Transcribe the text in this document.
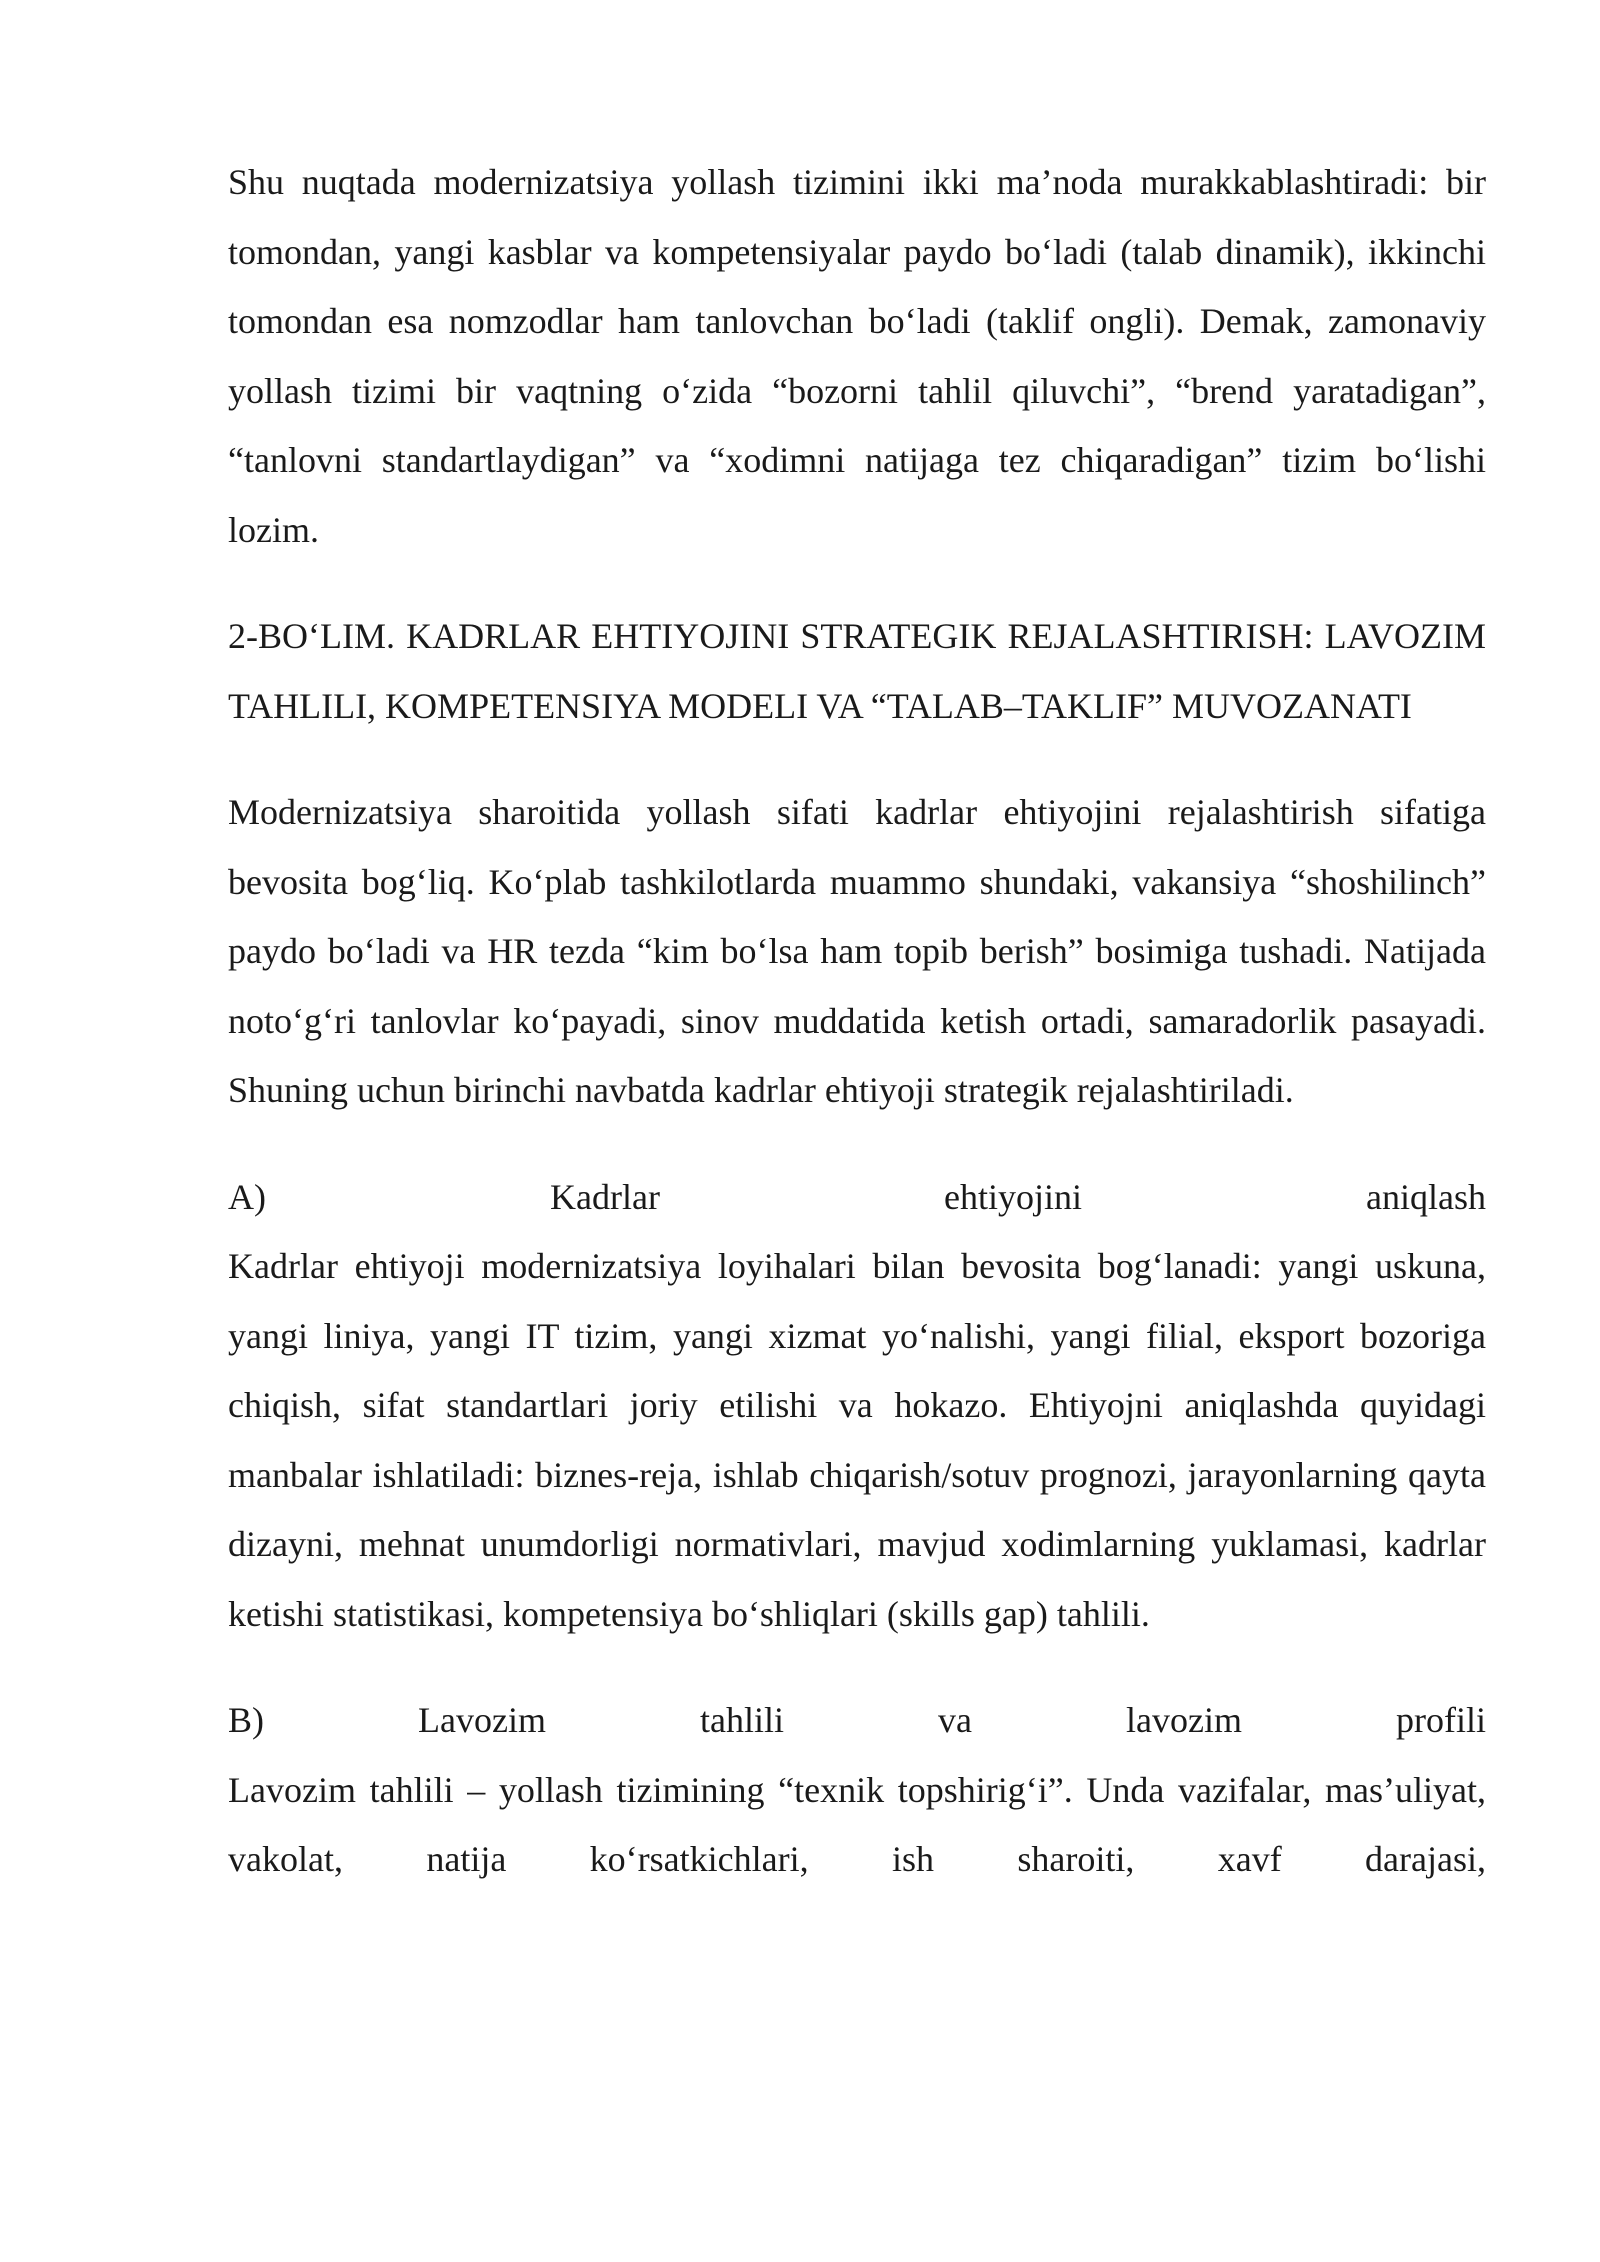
Shu nuqtada modernizatsiya yollash tizimini ikki ma’noda murakkablashtiradi: bir tomondan, yangi kasblar va kompetensiyalar paydo bo‘ladi (talab dinamik), ikkinchi tomondan esa nomzodlar ham tanlovchan bo‘ladi (taklif ongli). Demak, zamonaviy yollash tizimi bir vaqtning o‘zida “bozorni tahlil qiluvchi”, “brend yaratadigan”, “tanlovni standartlaydigan” va “xodimni natijaga tez chiqaradigan” tizim bo‘lishi lozim.

2-BO‘LIM. KADRLAR EHTIYOJINI STRATEGIK REJALASHTIRISH: LAVOZIM TAHLILI, KOMPETENSIYA MODELI VA “TALAB–TAKLIF” MUVOZANATI

Modernizatsiya sharoitida yollash sifati kadrlar ehtiyojini rejalashtirish sifatiga bevosita bog‘liq. Ko‘plab tashkilotlarda muammo shundaki, vakansiya “shoshilinch” paydo bo‘ladi va HR tezda “kim bo‘lsa ham topib berish” bosimiga tushadi. Natijada noto‘g‘ri tanlovlar ko‘payadi, sinov muddatida ketish ortadi, samaradorlik pasayadi. Shuning uchun birinchi navbatda kadrlar ehtiyoji strategik rejalashtiriladi.

A) Kadrlar ehtiyojini aniqlash
Kadrlar ehtiyoji modernizatsiya loyihalari bilan bevosita bog‘lanadi: yangi uskuna, yangi liniya, yangi IT tizim, yangi xizmat yo‘nalishi, yangi filial, eksport bozoriga chiqish, sifat standartlari joriy etilishi va hokazo. Ehtiyojni aniqlashda quyidagi manbalar ishlatiladi: biznes-reja, ishlab chiqarish/sotuv prognozi, jarayonlarning qayta dizayni, mehnat unumdorligi normativlari, mavjud xodimlarning yuklamasi, kadrlar ketishi statistikasi, kompetensiya bo‘shliqlari (skills gap) tahlili.
B) Lavozim tahlili va lavozim profili
Lavozim tahlili – yollash tizimining “texnik topshirig‘i”. Unda vazifalar, mas’uliyat, vakolat, natija ko‘rsatkichlari, ish sharoiti, xavf darajasi,
